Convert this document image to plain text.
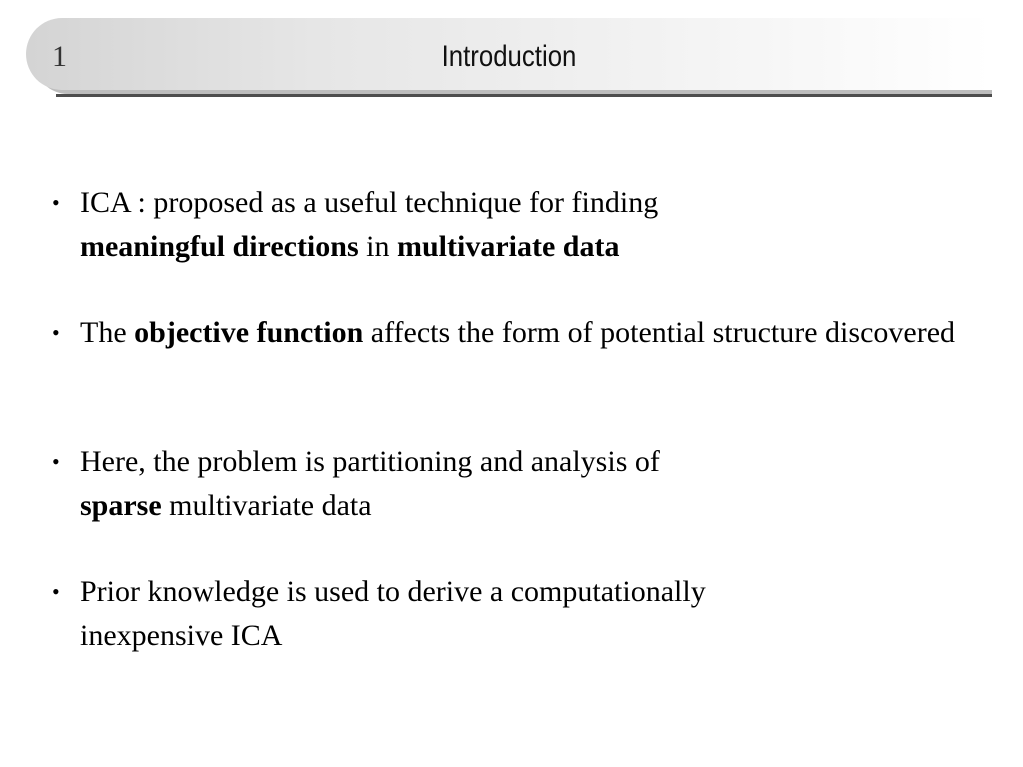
1	Introduction
• ICA : proposed as a useful technique for finding
meaningful directions in multivariate data
• The objective function affects the form of potential structure discovered
• Here, the problem is partitioning and analysis of
sparse multivariate data
• Prior knowledge is used to derive a computationally
inexpensive ICA
